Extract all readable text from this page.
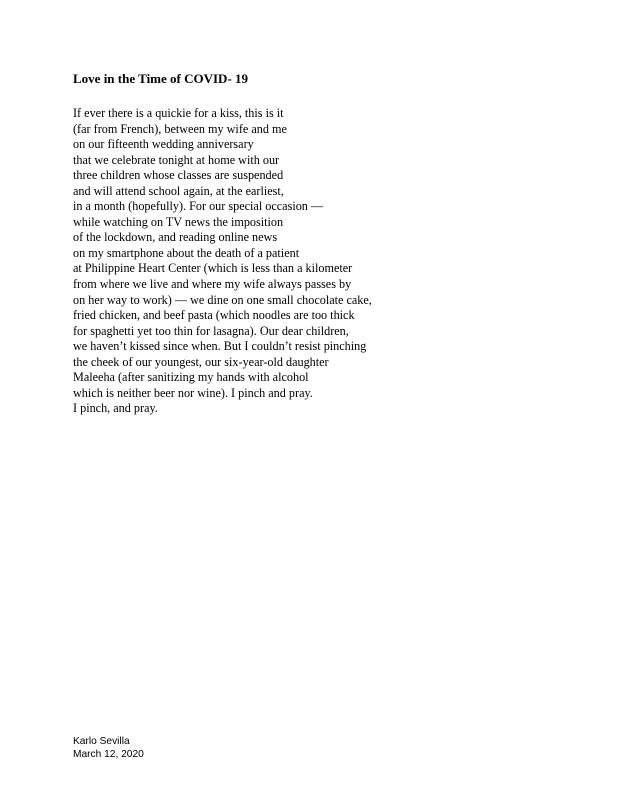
Love in the Time of COVID- 19
If ever there is a quickie for a kiss, this is it
(far from French), between my wife and me
on our fifteenth wedding anniversary
that we celebrate tonight at home with our
three children whose classes are suspended
and will attend school again, at the earliest,
in a month (hopefully). For our special occasion —
while watching on TV news the imposition
of the lockdown, and reading online news
on my smartphone about the death of a patient
at Philippine Heart Center (which is less than a kilometer
from where we live and where my wife always passes by
on her way to work) — we dine on one small chocolate cake,
fried chicken, and beef pasta (which noodles are too thick
for spaghetti yet too thin for lasagna). Our dear children,
we haven’t kissed since when. But I couldn’t resist pinching
the cheek of our youngest, our six-year-old daughter
Maleeha (after sanitizing my hands with alcohol
which is neither beer nor wine). I pinch and pray.
I pinch, and pray.
Karlo Sevilla
March 12, 2020
